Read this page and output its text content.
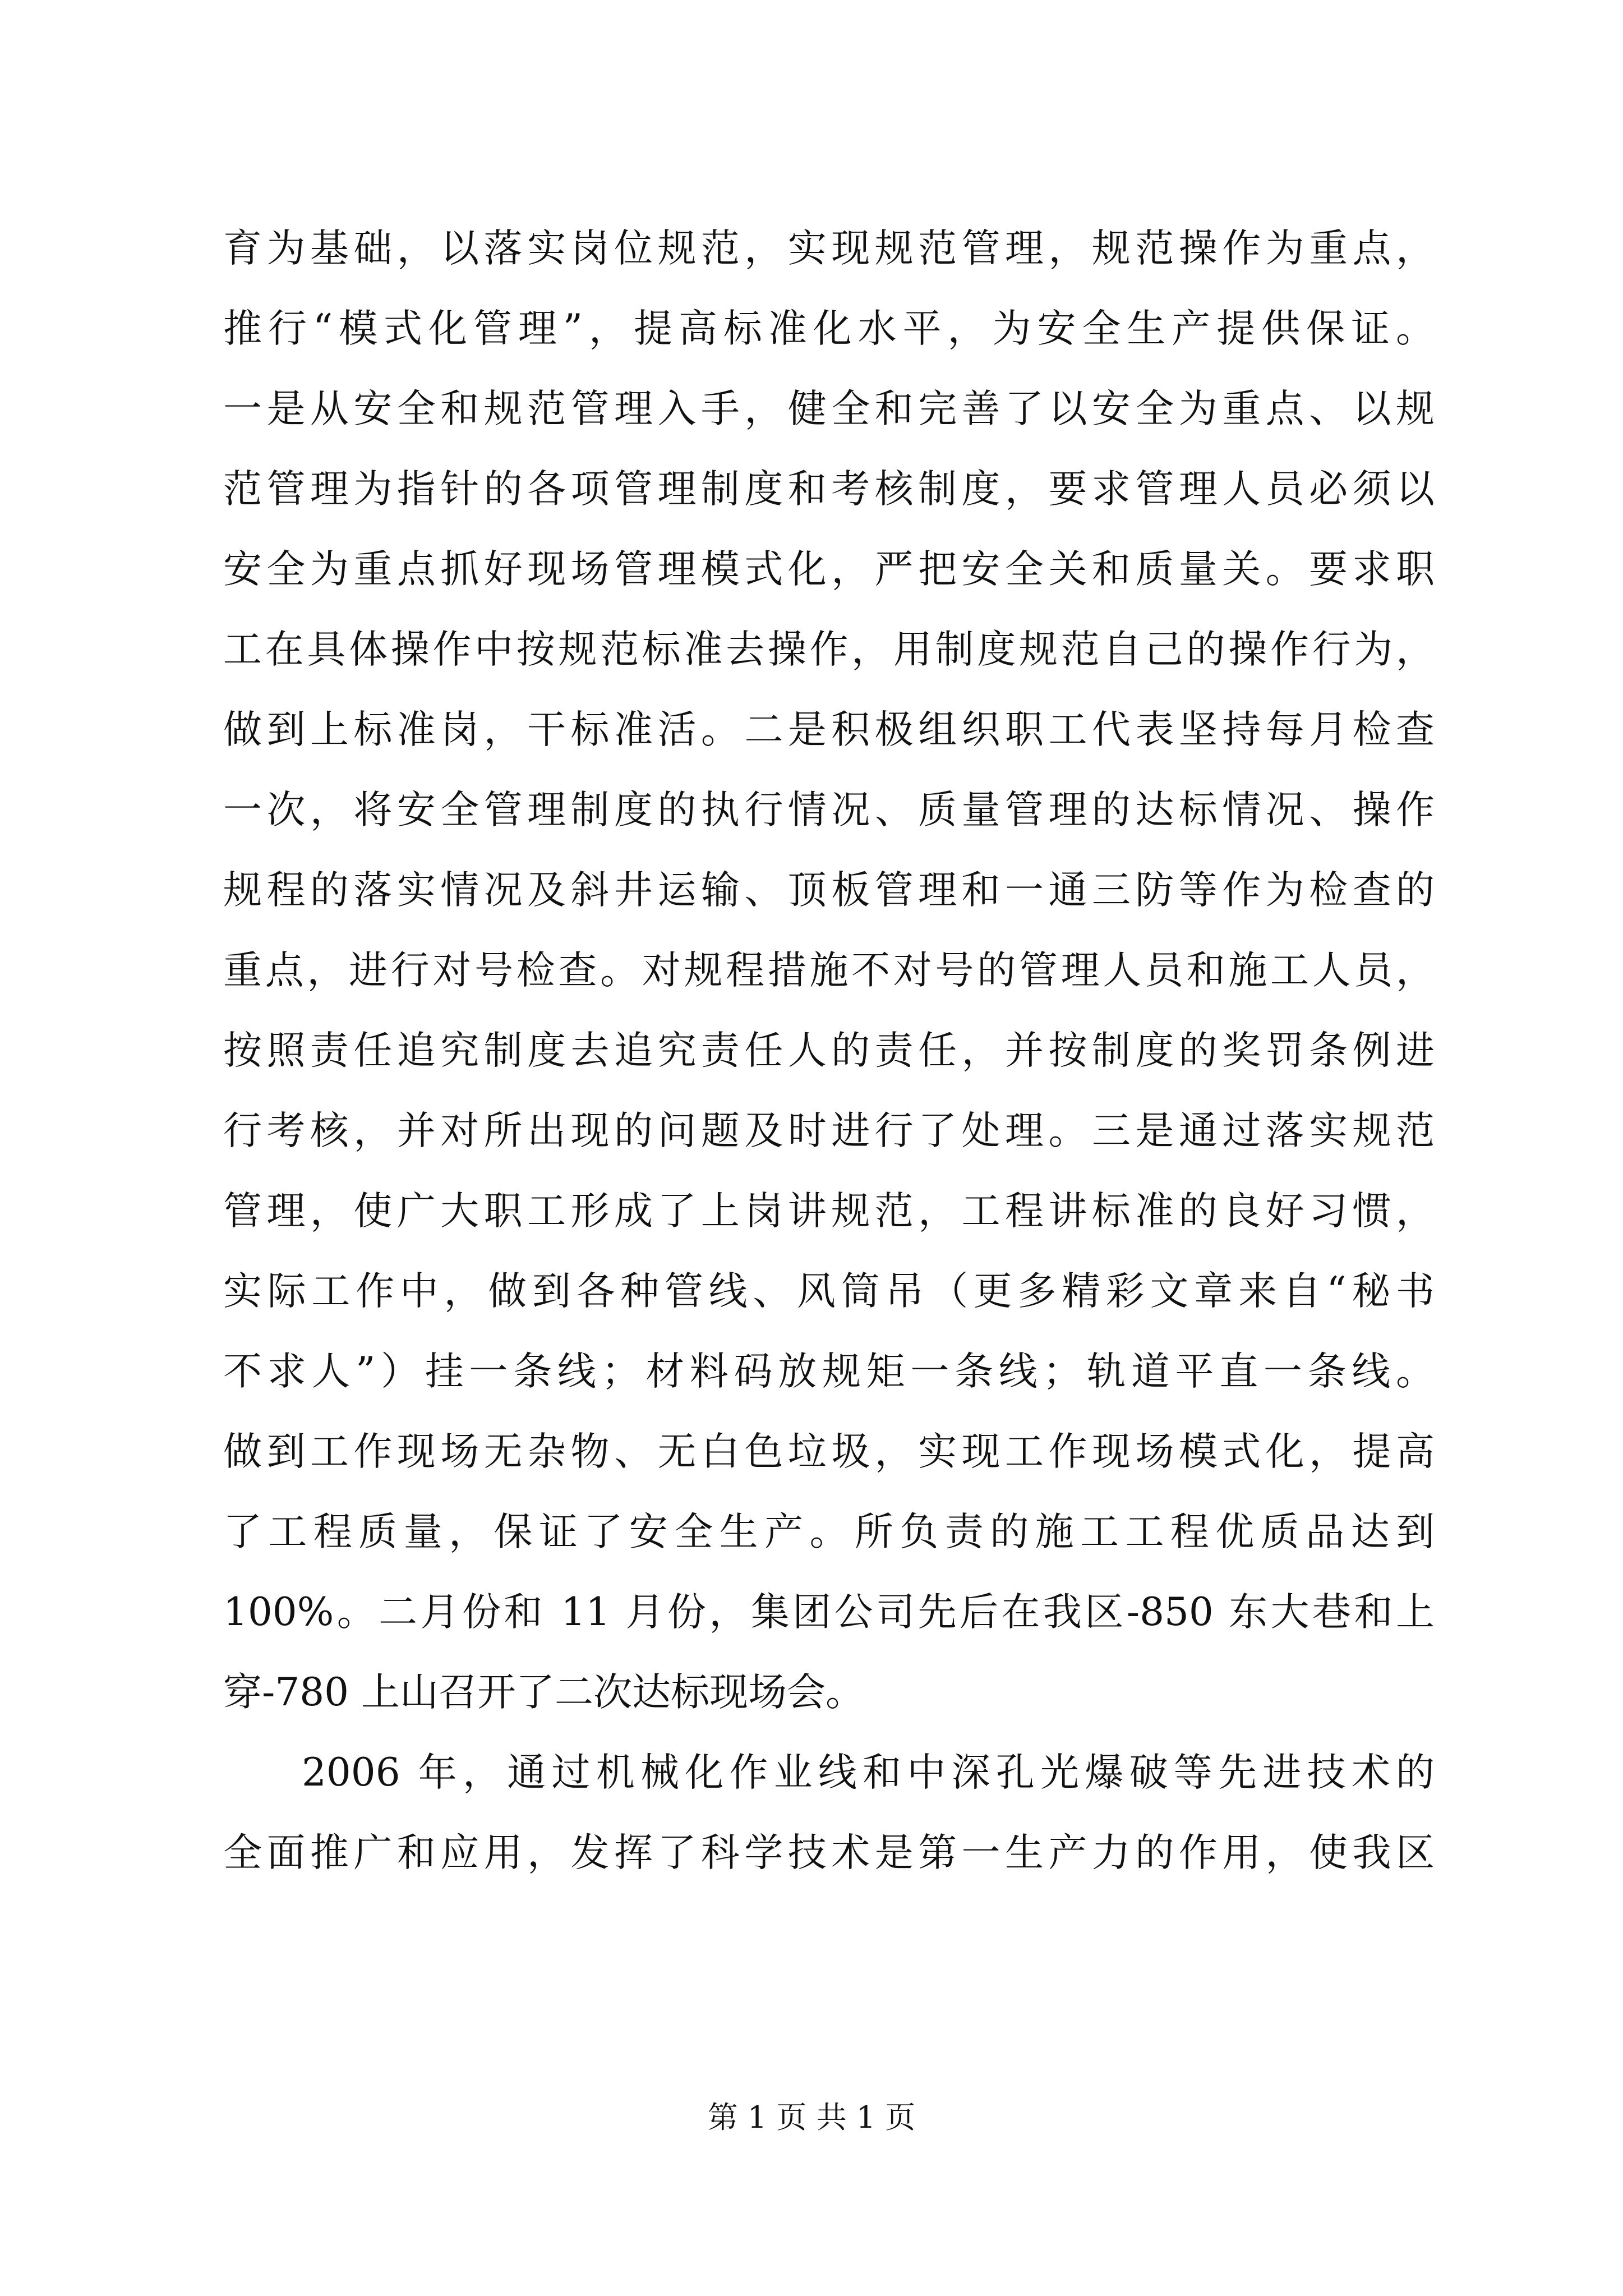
育为基础，以落实岗位规范，实现规范管理，规范操作为重点，
推行“模式化管理”，提高标准化水平，为安全生产提供保证。
一是从安全和规范管理入手，健全和完善了以安全为重点、以规
范管理为指针的各项管理制度和考核制度，要求管理人员必须以
安全为重点抓好现场管理模式化，严把安全关和质量关。要求职
工在具体操作中按规范标准去操作，用制度规范自己的操作行为，
做到上标准岗，干标准活。二是积极组织职工代表坚持每月检查
一次，将安全管理制度的执行情况、质量管理的达标情况、操作
规程的落实情况及斜井运输、顶板管理和一通三防等作为检查的
重点，进行对号检查。对规程措施不对号的管理人员和施工人员，
按照责任追究制度去追究责任人的责任，并按制度的奖罚条例进
行考核，并对所出现的问题及时进行了处理。三是通过落实规范
管理，使广大职工形成了上岗讲规范，工程讲标准的良好习惯，
实际工作中，做到各种管线、风筒吊（更多精彩文章来自“秘书
不求人”）挂一条线；材料码放规矩一条线；轨道平直一条线。
做到工作现场无杂物、无白色垃圾，实现工作现场模式化，提高
了工程质量，保证了安全生产。所负责的施工工程优质品达到
100%。二月份和 11 月份，集团公司先后在我区-850 东大巷和上
穿-780 上山召开了二次达标现场会。
2006 年，通过机械化作业线和中深孔光爆破等先进技术的
全面推广和应用，发挥了科学技术是第一生产力的作用，使我区
第 1 页 共 1 页
